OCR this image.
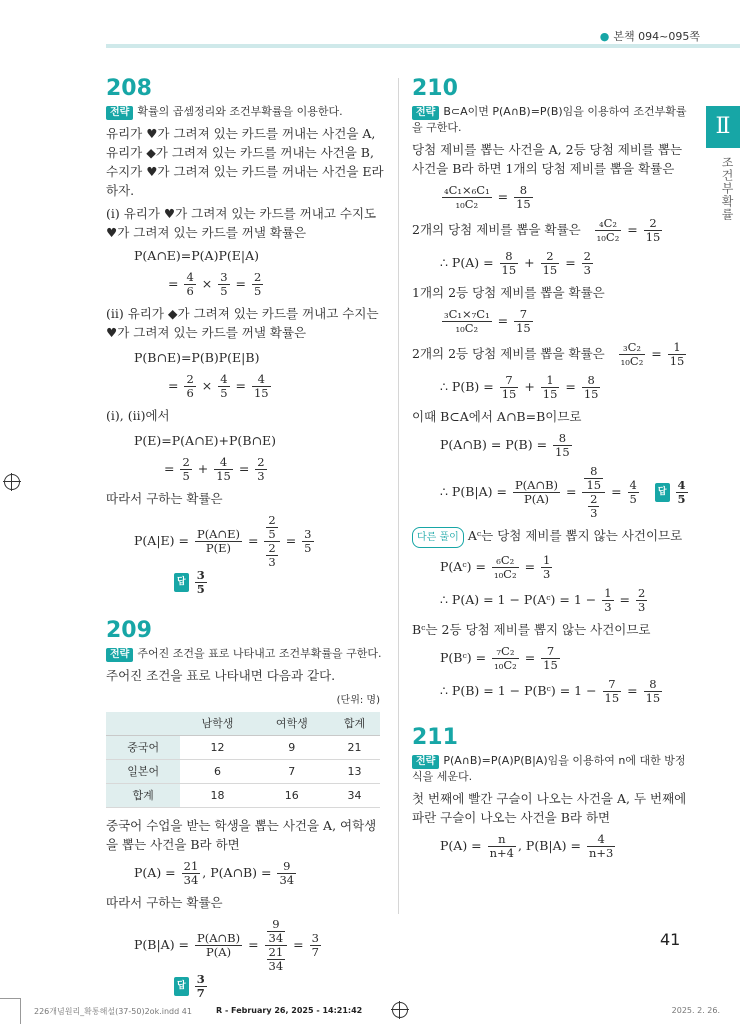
● 본책 094~095쪽
Ⅱ
조건부확률
208
전략 확률의 곱셈정리와 조건부확률을 이용한다.

유리가 ♥가 그려져 있는 카드를 꺼내는 사건을 A, 유리가 ◆가 그려져 있는 카드를 꺼내는 사건을 B, 수지가 ♥가 그려져 있는 카드를 꺼내는 사건을 E라 하자.

(ⅰ) 유리가 ♥가 그려져 있는 카드를 꺼내고 수지도 ♥가 그려져 있는 카드를 꺼낼 확률은

P(A∩E)=P(A)P(E|A)
= $\frac{4}{6} \times \frac{3}{5} = \frac{2}{5}$

(ⅱ) 유리가 ◆가 그려져 있는 카드를 꺼내고 수지는 ♥가 그려져 있는 카드를 꺼낼 확률은

P(B∩E)=P(B)P(E|B)
= $\frac{2}{6} \times \frac{4}{5} = \frac{4}{15}$

(ⅰ), (ⅱ)에서

P(E)=P(A∩E)+P(B∩E)
= $\frac{2}{5} + \frac{4}{15} = \frac{2}{3}$

따라서 구하는 확률은

$P(A|E) = \frac{P(A\cap E)}{P(E)} = \frac{\frac{2}{5}}{\frac{2}{3}} = \frac{3}{5}$
답 $\frac{3}{5}$
209
전략 주어진 조건을 표로 나타내고 조건부확률을 구한다.

주어진 조건을 표로 나타내면 다음과 같다.

(단위: 명)
	남학생	여학생	합계
중국어	12	9	21
일본어	6	7	13
합계	18	16	34

중국어 수업을 받는 학생을 뽑는 사건을 A, 여학생을 뽑는 사건을 B라 하면

$P(A) = \frac{21}{34}$ , P(A∩B) = $\frac{9}{34}$

따라서 구하는 확률은

$P(B|A) = \frac{P(A\cap B)}{P(A)} = \frac{\frac{9}{34}}{\frac{21}{34}} = \frac{3}{7}$
답 $\frac{3}{7}$
210
전략 B⊂A이면 P(A∩B)=P(B)임을 이용하여 조건부확률을 구한다.

당첨 제비를 뽑는 사건을 A, 2등 당첨 제비를 뽑는 사건을 B라 하면 1개의 당첨 제비를 뽑을 확률은

$\frac{\text{₄C₁×₆C₁}}{\text{₁₀C₂}} = \frac{8}{15}$

2개의 당첨 제비를 뽑을 확률은 $\frac{\text{₄C₂}}{\text{₁₀C₂}} = \frac{2}{15}$

∴ $P(A) = \frac{8}{15} + \frac{2}{15} = \frac{2}{3}$

1개의 2등 당첨 제비를 뽑을 확률은

$\frac{\text{₃C₁×₇C₁}}{\text{₁₀C₂}} = \frac{7}{15}$

2개의 2등 당첨 제비를 뽑을 확률은 $\frac{\text{₃C₂}}{\text{₁₀C₂}} = \frac{1}{15}$

∴ $P(B) = \frac{7}{15} + \frac{1}{15} = \frac{8}{15}$

이때 B⊂A에서 A∩B=B이므로

P(A∩B) = $P(B) = \frac{8}{15}$
∴ $P(B|A) = \frac{P(A\cap B)}{P(A)} = \frac{\frac{8}{15}}{\frac{2}{3}} = \frac{4}{5}$ 답 $\frac{4}{5}$

다른 풀이 Aᶜ는 당첨 제비를 뽑지 않는 사건이므로

P(Aᶜ) = $\frac{\text{₆C₂}}{\text{₁₀C₂}} = \frac{1}{3}$
∴ P(A) = 1 − P(Aᶜ) = $1 - \frac{1}{3} = \frac{2}{3}$

Bᶜ는 2등 당첨 제비를 뽑지 않는 사건이므로

P(Bᶜ) = $\frac{\text{₇C₂}}{\text{₁₀C₂}} = \frac{7}{15}$
∴ P(B) = 1 − P(Bᶜ) = $1 - \frac{7}{15} = \frac{8}{15}$
211
전략 P(A∩B)=P(A)P(B|A)임을 이용하여 n에 대한 방정식을 세운다.

첫 번째에 빨간 구슬이 나오는 사건을 A, 두 번째에 파란 구슬이 나오는 사건을 B라 하면

$P(A) = \frac{n}{n+4}$ , $P(B|A) = \frac{4}{n+3}$
41
226개념원리_확통해설(37-50)2ok.indd 41	R - February 26, 2025 - 14:21:42	2025. 2. 26.
